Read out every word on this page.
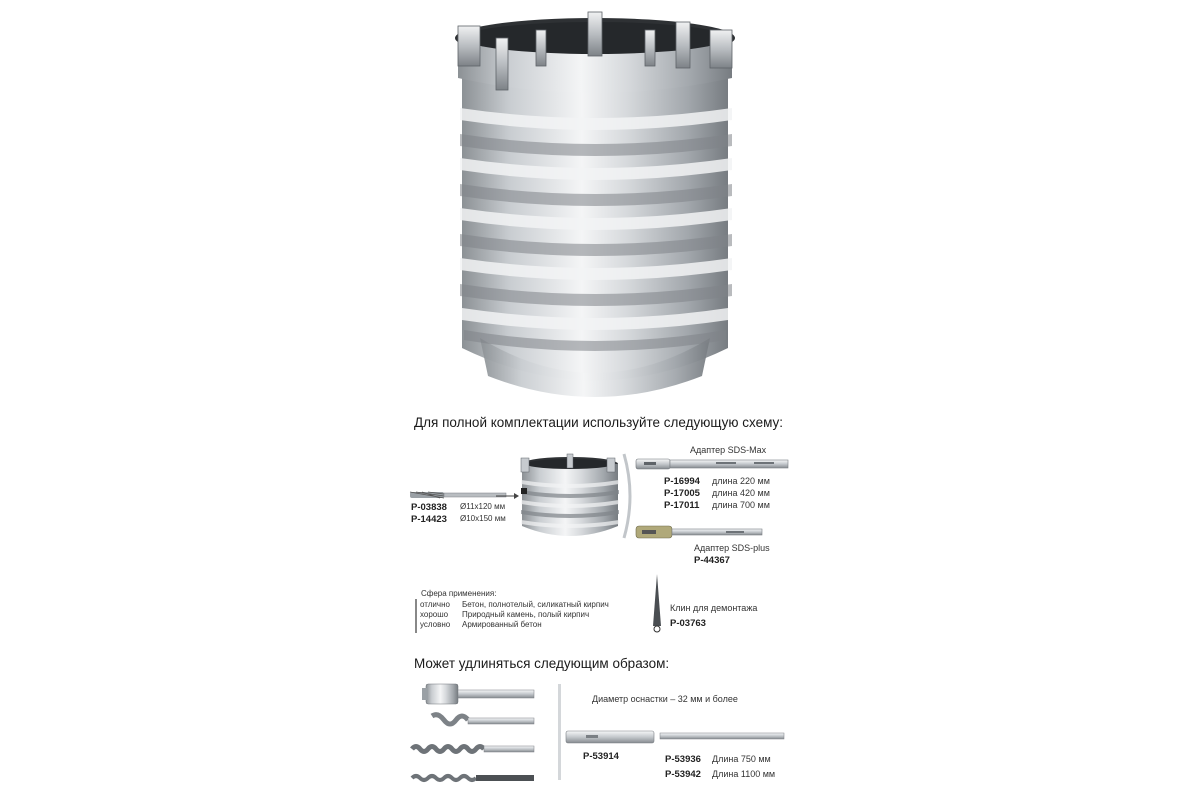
Для полной комплектации используйте следующую схему:
P-03838 Ø11x120 мм
P-14423 Ø10x150 мм
Адаптер SDS-Max
P-16994 длина 220 мм
P-17005 длина 420 мм
P-17011 длина 700 мм
Адаптер SDS-plus
P-44367
Клин для демонтажа
P-03763
Сфера применения:
отлично Бетон, полнотелый, силикатный кирпич
хорошо Природный камень, полый кирпич
условно Армированный бетон
Может удлиняться следующим образом:
Диаметр оснастки – 32 мм и более
P-53914	P-53936 Длина 750 мм
P-53942 Длина 1100 мм
